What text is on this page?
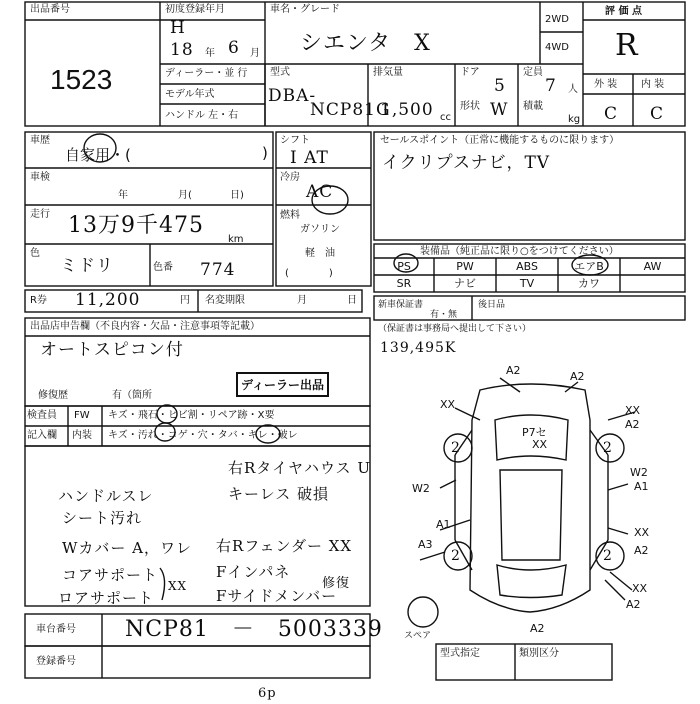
出品番号
1523
初度登録年月
H
18 年 6 月
車名・グレード
シエンタ　X
2WD
4WD
評 価 点
R
外 装 内 装
C C
ディーラー・並 行
モデル年式
ハンドル 左・右
型式
DBA-
NCP81G
排気量
1,500 cc
ドア
5
定員
7 人
形状 W 積載
kg
車歴
自家用・(	)
車検
年	月(	日)
走行 13万9千475
km
色
ミドリ	色番 774
シフト
I AT
冷房
AC
燃料
ガソリン
軽　油
(　　　　)
セールスポイント（正常に機能するものに限ります）
イクリプスナビ，TV
装備品（純正品に限り○をつけてください）
PS	PW	ABS	エアB	AW
SR	ナビ	TV	カワ
R券 11,200	円 名変期限	月	日 新車保証書
有・無
後日品
（保証書は事務局へ提出して下さい）
139,495K
出品店申告欄（不良内容・欠品・注意事項等記載）
オートスピコン付
修復歴	有（箇所
ディーラー出品
検査員
記入欄
FW キズ・飛石・ヒビ割・リペア跡・X要
内装 キズ・汚れ・コゲ・穴・タバ・キレ・破レ
ハンドルスレ
シート汚れ
Wカバー A，ワレ
コアサポート
ロアサポート
XX
右Rタイヤハウス U
キーレス 破損
右Rフェンダー XX
Fインパネ
Fサイドメンバー
修復
車台番号 NCP81　－　5003339
登録番号
6p
型式指定	類別区分
A2	A2
XX	XX
A2
P7セ
XX
W2
A1
W2
A1
A3
XX
A2
XX
A2
A2
2	2
2	2
スペア
